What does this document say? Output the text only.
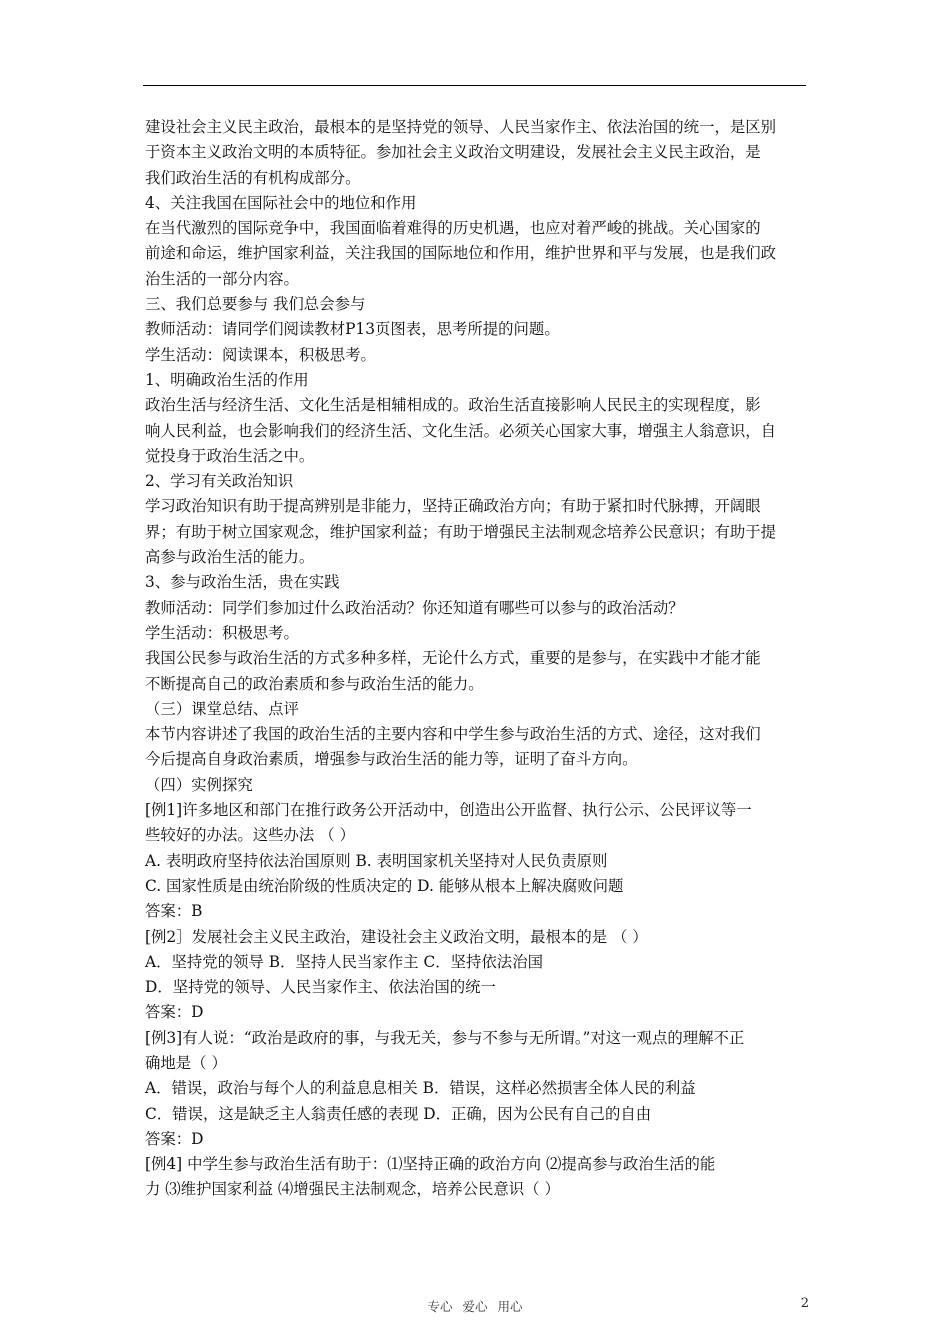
建设社会主义民主政治，最根本的是坚持党的领导、人民当家作主、依法治国的统一，是区别
于资本主义政治文明的本质特征。参加社会主义政治文明建设，发展社会主义民主政治，是
我们政治生活的有机构成部分。
4、关注我国在国际社会中的地位和作用
在当代激烈的国际竞争中，我国面临着难得的历史机遇，也应对着严峻的挑战。关心国家的
前途和命运，维护国家利益，关注我国的国际地位和作用，维护世界和平与发展，也是我们政
治生活的一部分内容。
三、我们总要参与 我们总会参与
教师活动：请同学们阅读教材P13页图表，思考所提的问题。
学生活动：阅读课本，积极思考。
1、明确政治生活的作用
政治生活与经济生活、文化生活是相辅相成的。政治生活直接影响人民民主的实现程度，影
响人民利益，也会影响我们的经济生活、文化生活。必须关心国家大事，增强主人翁意识，自
觉投身于政治生活之中。
2、学习有关政治知识
学习政治知识有助于提高辨别是非能力，坚持正确政治方向；有助于紧扣时代脉搏，开阔眼
界；有助于树立国家观念，维护国家利益；有助于增强民主法制观念培养公民意识；有助于提
高参与政治生活的能力。
3、参与政治生活，贵在实践
教师活动：同学们参加过什么政治活动？你还知道有哪些可以参与的政治活动？
学生活动：积极思考。
我国公民参与政治生活的方式多种多样，无论什么方式，重要的是参与，在实践中才能才能
不断提高自己的政治素质和参与政治生活的能力。
（三）课堂总结、点评
本节内容讲述了我国的政治生活的主要内容和中学生参与政治生活的方式、途径，这对我们
今后提高自身政治素质，增强参与政治生活的能力等，证明了奋斗方向。
（四）实例探究
[例1]许多地区和部门在推行政务公开活动中，创造出公开监督、执行公示、公民评议等一
些较好的办法。这些办法 （ ）
A. 表明政府坚持依法治国原则 B. 表明国家机关坚持对人民负责原则
C. 国家性质是由统治阶级的性质决定的 D. 能够从根本上解决腐败问题
答案：B
[例2］发展社会主义民主政治，建设社会主义政治文明，最根本的是 （ ）
A．坚持党的领导 B．坚持人民当家作主 C．坚持依法治国
D．坚持党的领导、人民当家作主、依法治国的统一
答案：D
[例3]有人说：“政治是政府的事，与我无关，参与不参与无所谓。”对这一观点的理解不正
确地是（ ）
A．错误，政治与每个人的利益息息相关 B．错误，这样必然损害全体人民的利益
C．错误，这是缺乏主人翁责任感的表现 D．正确，因为公民有自己的自由
答案：D
[例4] 中学生参与政治生活有助于：⑴坚持正确的政治方向 ⑵提高参与政治生活的能
力 ⑶维护国家利益 ⑷增强民主法制观念，培养公民意识（ ）
专心 爱心 用心	2
